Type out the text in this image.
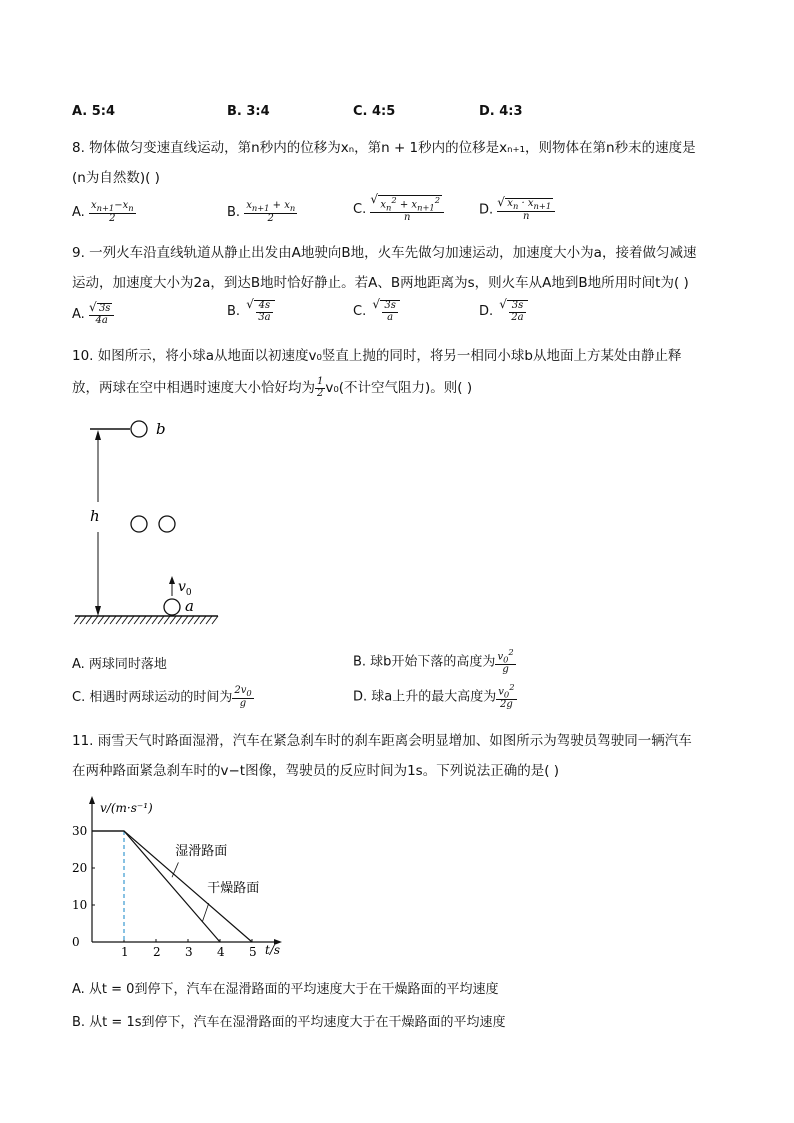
A. 5:4	B. 3:4	C. 4:5	D. 4:3
8. 物体做匀变速直线运动，第n秒内的位移为xₙ，第n + 1秒内的位移是xₙ₊₁，则物体在第n秒末的速度是
(n为自然数)( )
A. $\frac{x_{n+1}-x_n}{2}$	B. $\frac{x_{n+1} + x_n}{2}$	C. √ $\frac{x_n^2 + x_{n+1}^2}{n}$	D. √ $\frac{x_n \cdot x_{n+1}}{n}$
9. 一列火车沿直线轨道从静止出发由A地驶向B地，火车先做匀加速运动，加速度大小为a，接着做匀减速
运动，加速度大小为2a，到达B地时恰好静止。若A、B两地距离为s，则火车从A地到B地所用时间t为( )
A. √ $\frac{3s}{4a}$	B. √ $\frac{4s}{3a}$	C. √ $\frac{3s}{a}$	D. √ $\frac{3s}{2a}$
10. 如图所示，将小球a从地面以初速度v₀竖直上抛的同时，将另一相同小球b从地面上方某处由静止释
放，两球在空中相遇时速度大小恰好均为 $\frac{1}{2} v_0$(不计空气阻力)。则( )
b
h
$v_0$
a
A. 两球同时落地	B. 球b开始下落的高度为 $\frac{v_0^2}{g}$
C. 相遇时两球运动的时间为 $\frac{2v_0}{g}$	D. 球a上升的最大高度为 $\frac{v_0^2}{2g}$
11. 雨雪天气时路面湿滑，汽车在紧急刹车时的刹车距离会明显增加、如图所示为驾驶员驾驶同一辆汽车
在两种路面紧急刹车时的v−t图像，驾驶员的反应时间为1s。下列说法正确的是( )
1 2 3 4 5
0
10
20
30
湿滑路面
干燥路面
v/(m·s⁻¹)
t/s
A. 从t = 0到停下，汽车在湿滑路面的平均速度大于在干燥路面的平均速度
B. 从t = 1s到停下，汽车在湿滑路面的平均速度大于在干燥路面的平均速度
